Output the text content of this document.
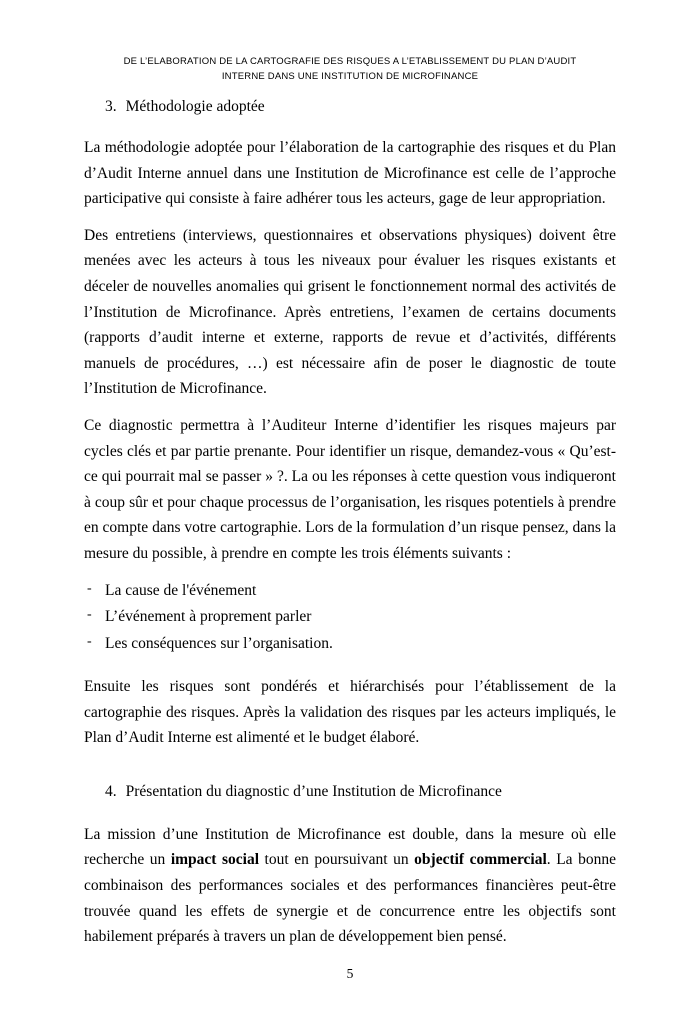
DE L’ELABORATION DE LA CARTOGRAFIE DES RISQUES A L’ETABLISSEMENT DU PLAN D’AUDIT
INTERNE DANS UNE INSTITUTION DE MICROFINANCE
3. Méthodologie adoptée

La méthodologie adoptée pour l’élaboration de la cartographie des risques et du Plan d’Audit Interne annuel dans une Institution de Microfinance est celle de l’approche participative qui consiste à faire adhérer tous les acteurs, gage de leur appropriation.

Des entretiens (interviews, questionnaires et observations physiques) doivent être menées avec les acteurs à tous les niveaux pour évaluer les risques existants et déceler de nouvelles anomalies qui grisent le fonctionnement normal des activités de l’Institution de Microfinance. Après entretiens, l’examen de certains documents (rapports d’audit interne et externe, rapports de revue et d’activités, différents manuels de procédures, …) est nécessaire afin de poser le diagnostic de toute l’Institution de Microfinance.

Ce diagnostic permettra à l’Auditeur Interne d’identifier les risques majeurs par cycles clés et par partie prenante. Pour identifier un risque, demandez-vous « Qu’est-ce qui pourrait mal se passer » ?. La ou les réponses à cette question vous indiqueront à coup sûr et pour chaque processus de l’organisation, les risques potentiels à prendre en compte dans votre cartographie. Lors de la formulation d’un risque pensez, dans la mesure du possible, à prendre en compte les trois éléments suivants :

- La cause de l'événement
- L’événement à proprement parler
- Les conséquences sur l’organisation.

Ensuite les risques sont pondérés et hiérarchisés pour l’établissement de la cartographie des risques. Après la validation des risques par les acteurs impliqués, le Plan d’Audit Interne est alimenté et le budget élaboré.

4. Présentation du diagnostic d’une Institution de Microfinance

La mission d’une Institution de Microfinance est double, dans la mesure où elle recherche un impact social tout en poursuivant un objectif commercial. La bonne combinaison des performances sociales et des performances financières peut-être trouvée quand les effets de synergie et de concurrence entre les objectifs sont habilement préparés à travers un plan de développement bien pensé.

5
